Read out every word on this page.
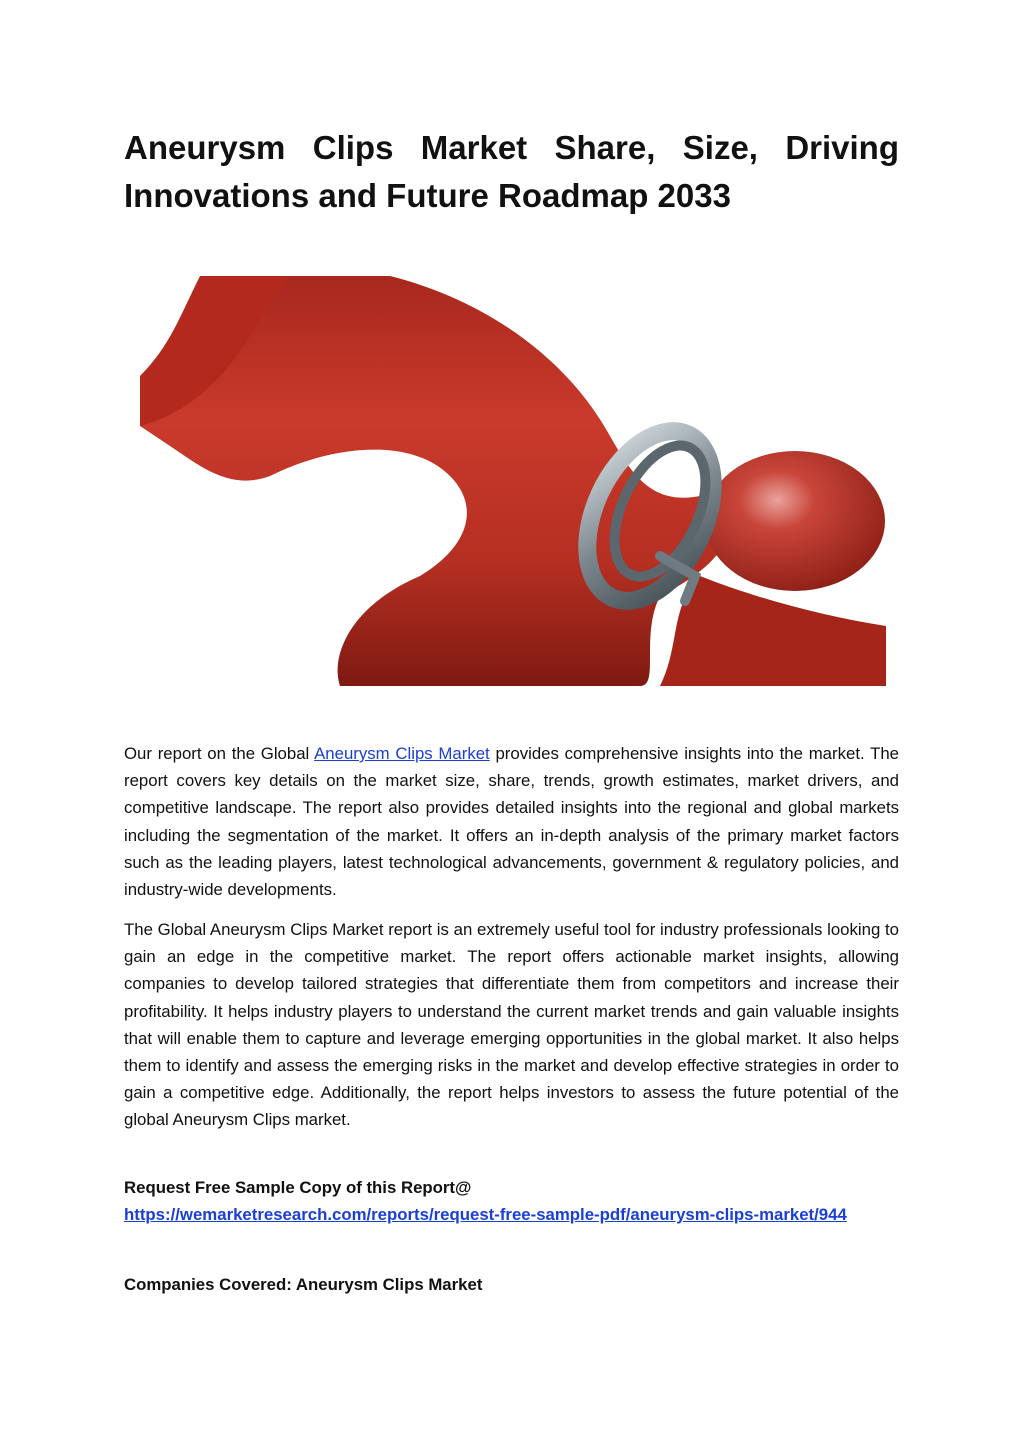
Aneurysm Clips Market Share, Size, Driving Innovations and Future Roadmap 2033

Our report on the Global Aneurysm Clips Market provides comprehensive insights into the market. The report covers key details on the market size, share, trends, growth estimates, market drivers, and competitive landscape. The report also provides detailed insights into the regional and global markets including the segmentation of the market. It offers an in-depth analysis of the primary market factors such as the leading players, latest technological advancements, government & regulatory policies, and industry-wide developments.

The Global Aneurysm Clips Market report is an extremely useful tool for industry professionals looking to gain an edge in the competitive market. The report offers actionable market insights, allowing companies to develop tailored strategies that differentiate them from competitors and increase their profitability. It helps industry players to understand the current market trends and gain valuable insights that will enable them to capture and leverage emerging opportunities in the global market. It also helps them to identify and assess the emerging risks in the market and develop effective strategies in order to gain a competitive edge. Additionally, the report helps investors to assess the future potential of the global Aneurysm Clips market.

Request Free Sample Copy of this Report@
https://wemarketresearch.com/reports/request-free-sample-pdf/aneurysm-clips-market/944

Companies Covered: Aneurysm Clips Market
